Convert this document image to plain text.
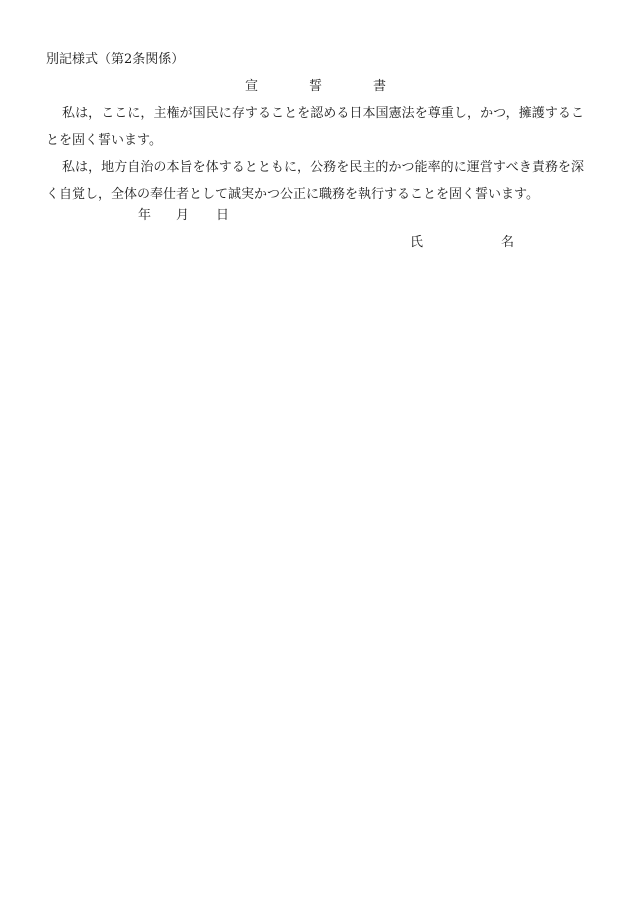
別記様式（第2条関係）
宣	誓	書

私は，ここに，主権が国民に存することを認める日本国憲法を尊重し，かつ，擁護することを固く誓います。

私は，地方自治の本旨を体するとともに，公務を民主的かつ能率的に運営すべき責務を深く自覚し，全体の奉仕者として誠実かつ公正に職務を執行することを固く誓います。

年 月 日
氏	名
